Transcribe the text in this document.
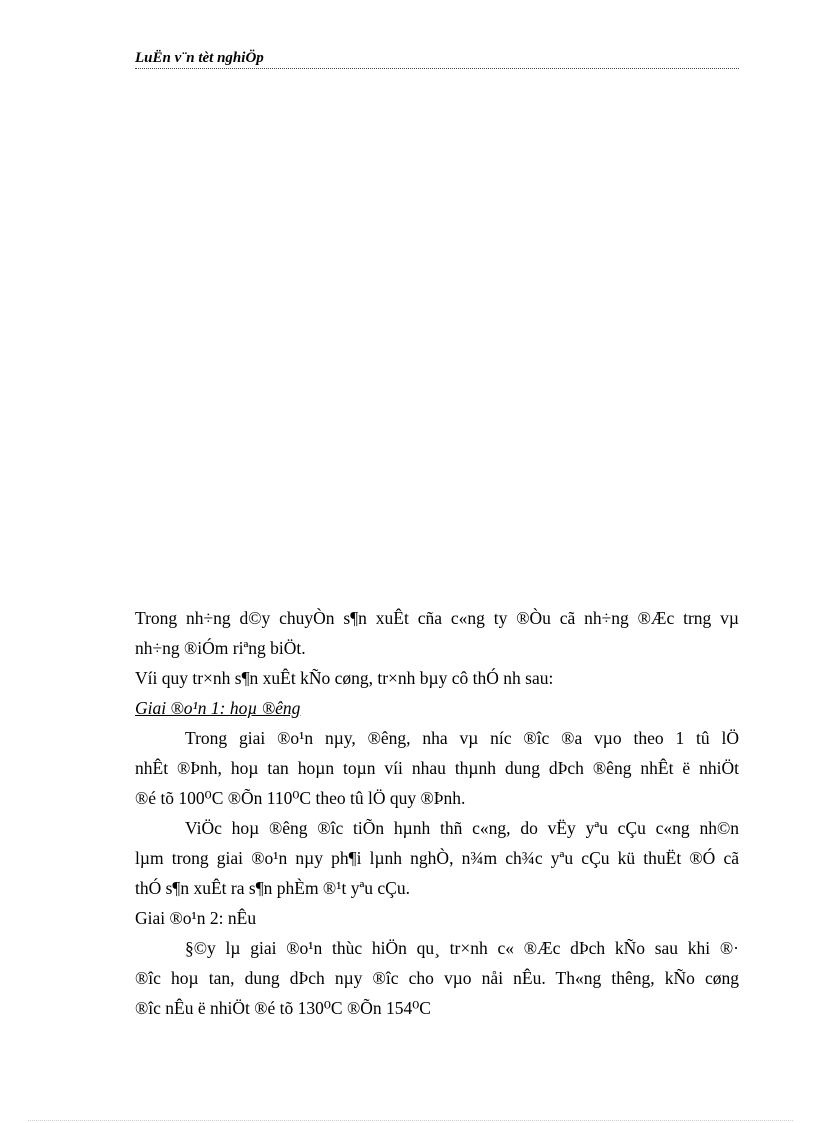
LuËn v¨n tèt nghiÖp
Trong nh÷ng d©y chuyÒn s¶n xuÊt cña c«ng ty ®Òu cã nh÷ng ®Æc trng vµ
nh÷ng ®iÓm riªng biÖt.
Víi quy tr×nh s¶n xuÊt kÑo cøng, tr×nh bµy cô thÓ nh sau:
Giai ®o¹n 1: hoµ ®êng
Trong giai ®o¹n nµy, ®êng, nha vµ níc ®îc ®a vµo theo 1 tû lÖ
nhÊt ®Þnh, hoµ tan hoµn toµn víi nhau thµnh dung dÞch ®êng nhÊt ë nhiÖt
®é tõ 100⁰C ®Õn 110⁰C theo tû lÖ quy ®Þnh.
ViÖc hoµ ®êng ®îc tiÕn hµnh thñ c«ng, do vËy yªu cÇu c«ng nh©n
lµm trong giai ®o¹n nµy ph¶i lµnh nghÒ, n¾m ch¾c yªu cÇu kü thuËt ®Ó cã
thÓ s¶n xuÊt ra s¶n phÈm ®¹t yªu cÇu.
Giai ®o¹n 2: nÊu
§©y lµ giai ®o¹n thùc hiÖn qu¸ tr×nh c« ®Æc dÞch kÑo sau khi ®·
®îc hoµ tan, dung dÞch nµy ®îc cho vµo nåi nÊu. Th«ng thêng, kÑo cøng
®îc nÊu ë nhiÖt ®é tõ 130⁰C ®Õn 154⁰C
